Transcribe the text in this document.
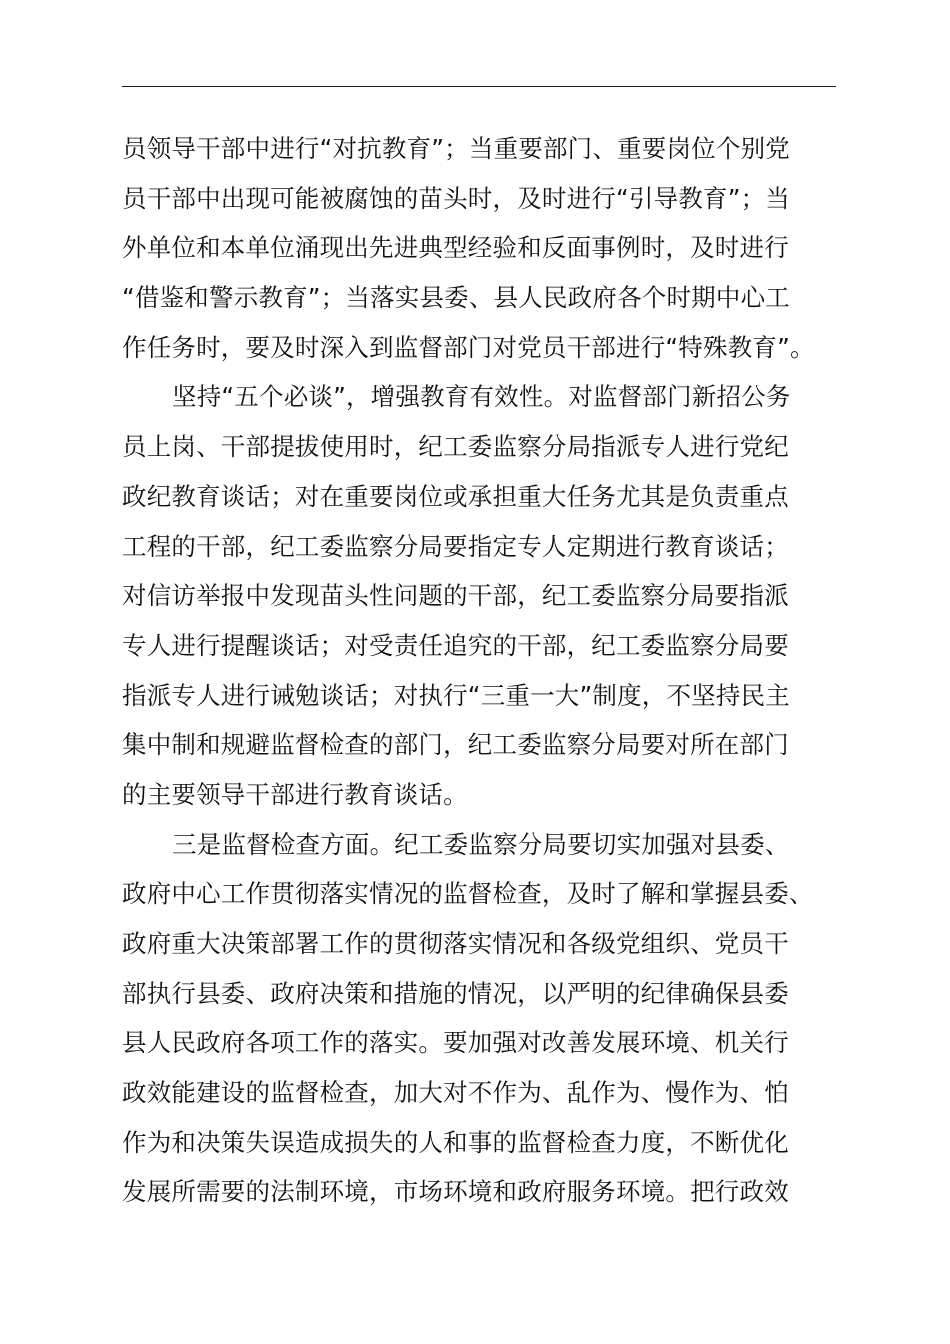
员领导干部中进行“对抗教育”；当重要部门、重要岗位个别党
员干部中出现可能被腐蚀的苗头时，及时进行“引导教育”；当
外单位和本单位涌现出先进典型经验和反面事例时，及时进行
“借鉴和警示教育”；当落实县委、县人民政府各个时期中心工
作任务时，要及时深入到监督部门对党员干部进行“特殊教育”。
坚持“五个必谈”，增强教育有效性。对监督部门新招公务
员上岗、干部提拔使用时，纪工委监察分局指派专人进行党纪
政纪教育谈话；对在重要岗位或承担重大任务尤其是负责重点
工程的干部，纪工委监察分局要指定专人定期进行教育谈话；
对信访举报中发现苗头性问题的干部，纪工委监察分局要指派
专人进行提醒谈话；对受责任追究的干部，纪工委监察分局要
指派专人进行诫勉谈话；对执行“三重一大”制度，不坚持民主
集中制和规避监督检查的部门，纪工委监察分局要对所在部门
的主要领导干部进行教育谈话。
三是监督检查方面。纪工委监察分局要切实加强对县委、
政府中心工作贯彻落实情况的监督检查，及时了解和掌握县委、
政府重大决策部署工作的贯彻落实情况和各级党组织、党员干
部执行县委、政府决策和措施的情况，以严明的纪律确保县委
县人民政府各项工作的落实。要加强对改善发展环境、机关行
政效能建设的监督检查，加大对不作为、乱作为、慢作为、怕
作为和决策失误造成损失的人和事的监督检查力度，不断优化
发展所需要的法制环境，市场环境和政府服务环境。把行政效
